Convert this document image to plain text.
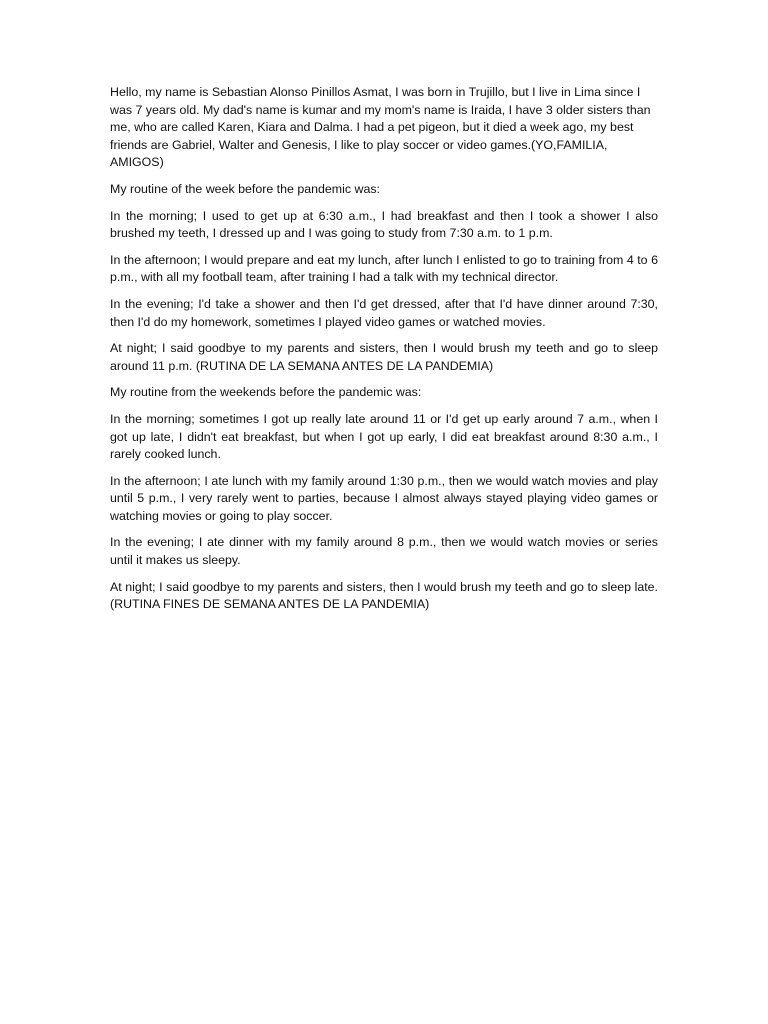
Hello, my name is Sebastian Alonso Pinillos Asmat, I was born in Trujillo, but I live in Lima since I was 7 years old. My dad's name is kumar and my mom's name is Iraida, I have 3 older sisters than me, who are called Karen, Kiara and Dalma. I had a pet pigeon, but it died a week ago, my best friends are Gabriel, Walter and Genesis, I like to play soccer or video games.(YO,FAMILIA, AMIGOS)

My routine of the week before the pandemic was:

In the morning; I used to get up at 6:30 a.m., I had breakfast and then I took a shower I also brushed my teeth, I dressed up and I was going to study from 7:30 a.m. to 1 p.m.

In the afternoon; I would prepare and eat my lunch, after lunch I enlisted to go to training from 4 to 6 p.m., with all my football team, after training I had a talk with my technical director.

In the evening; I'd take a shower and then I'd get dressed, after that I'd have dinner around 7:30, then I'd do my homework, sometimes I played video games or watched movies.

At night; I said goodbye to my parents and sisters, then I would brush my teeth and go to sleep around 11 p.m. (RUTINA DE LA SEMANA ANTES DE LA PANDEMIA)

My routine from the weekends before the pandemic was:

In the morning; sometimes I got up really late around 11 or I'd get up early around 7 a.m., when I got up late, I didn't eat breakfast, but when I got up early, I did eat breakfast around 8:30 a.m., I rarely cooked lunch.

In the afternoon; I ate lunch with my family around 1:30 p.m., then we would watch movies and play until 5 p.m., I very rarely went to parties, because I almost always stayed playing video games or watching movies or going to play soccer.

In the evening; I ate dinner with my family around 8 p.m., then we would watch movies or series until it makes us sleepy.

At night; I said goodbye to my parents and sisters, then I would brush my teeth and go to sleep late. (RUTINA FINES DE SEMANA ANTES DE LA PANDEMIA)
